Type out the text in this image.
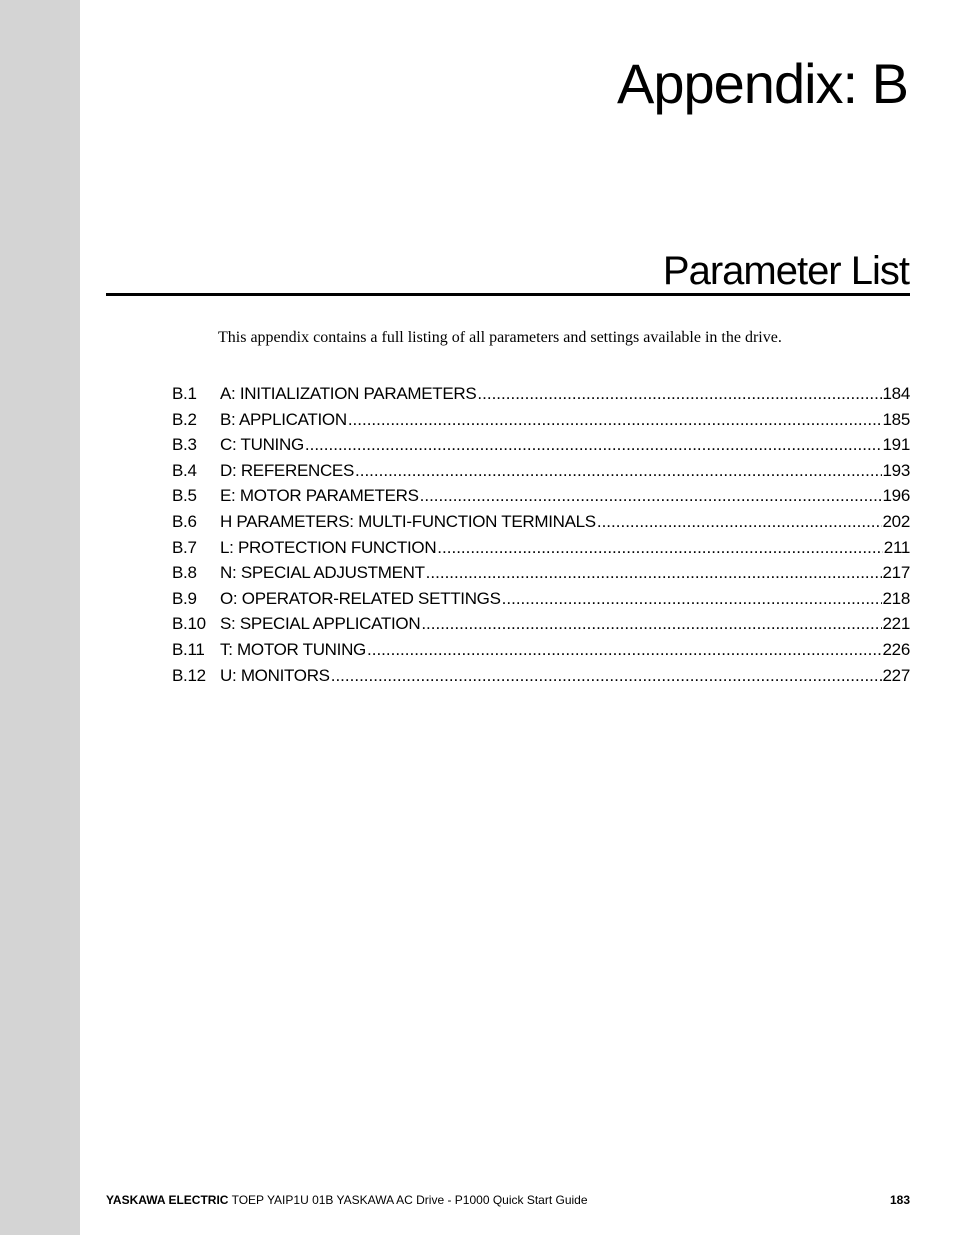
Appendix: B
Parameter List
This appendix contains a full listing of all parameters and settings available in the drive.
B.1	A: INITIALIZATION PARAMETERS .....	184
B.2	B: APPLICATION .....	185
B.3	C: TUNING .....	191
B.4	D: REFERENCES .....	193
B.5	E: MOTOR PARAMETERS .....	196
B.6	H PARAMETERS: MULTI-FUNCTION TERMINALS .....	202
B.7	L: PROTECTION FUNCTION .....	211
B.8	N: SPECIAL ADJUSTMENT .....	217
B.9	O: OPERATOR-RELATED SETTINGS .....	218
B.10 S: SPECIAL APPLICATION .....	221
B.11 T: MOTOR TUNING .....	226
B.12 U: MONITORS .....	227
YASKAWA ELECTRIC TOEP YAIP1U 01B YASKAWA AC Drive - P1000 Quick Start Guide	183
